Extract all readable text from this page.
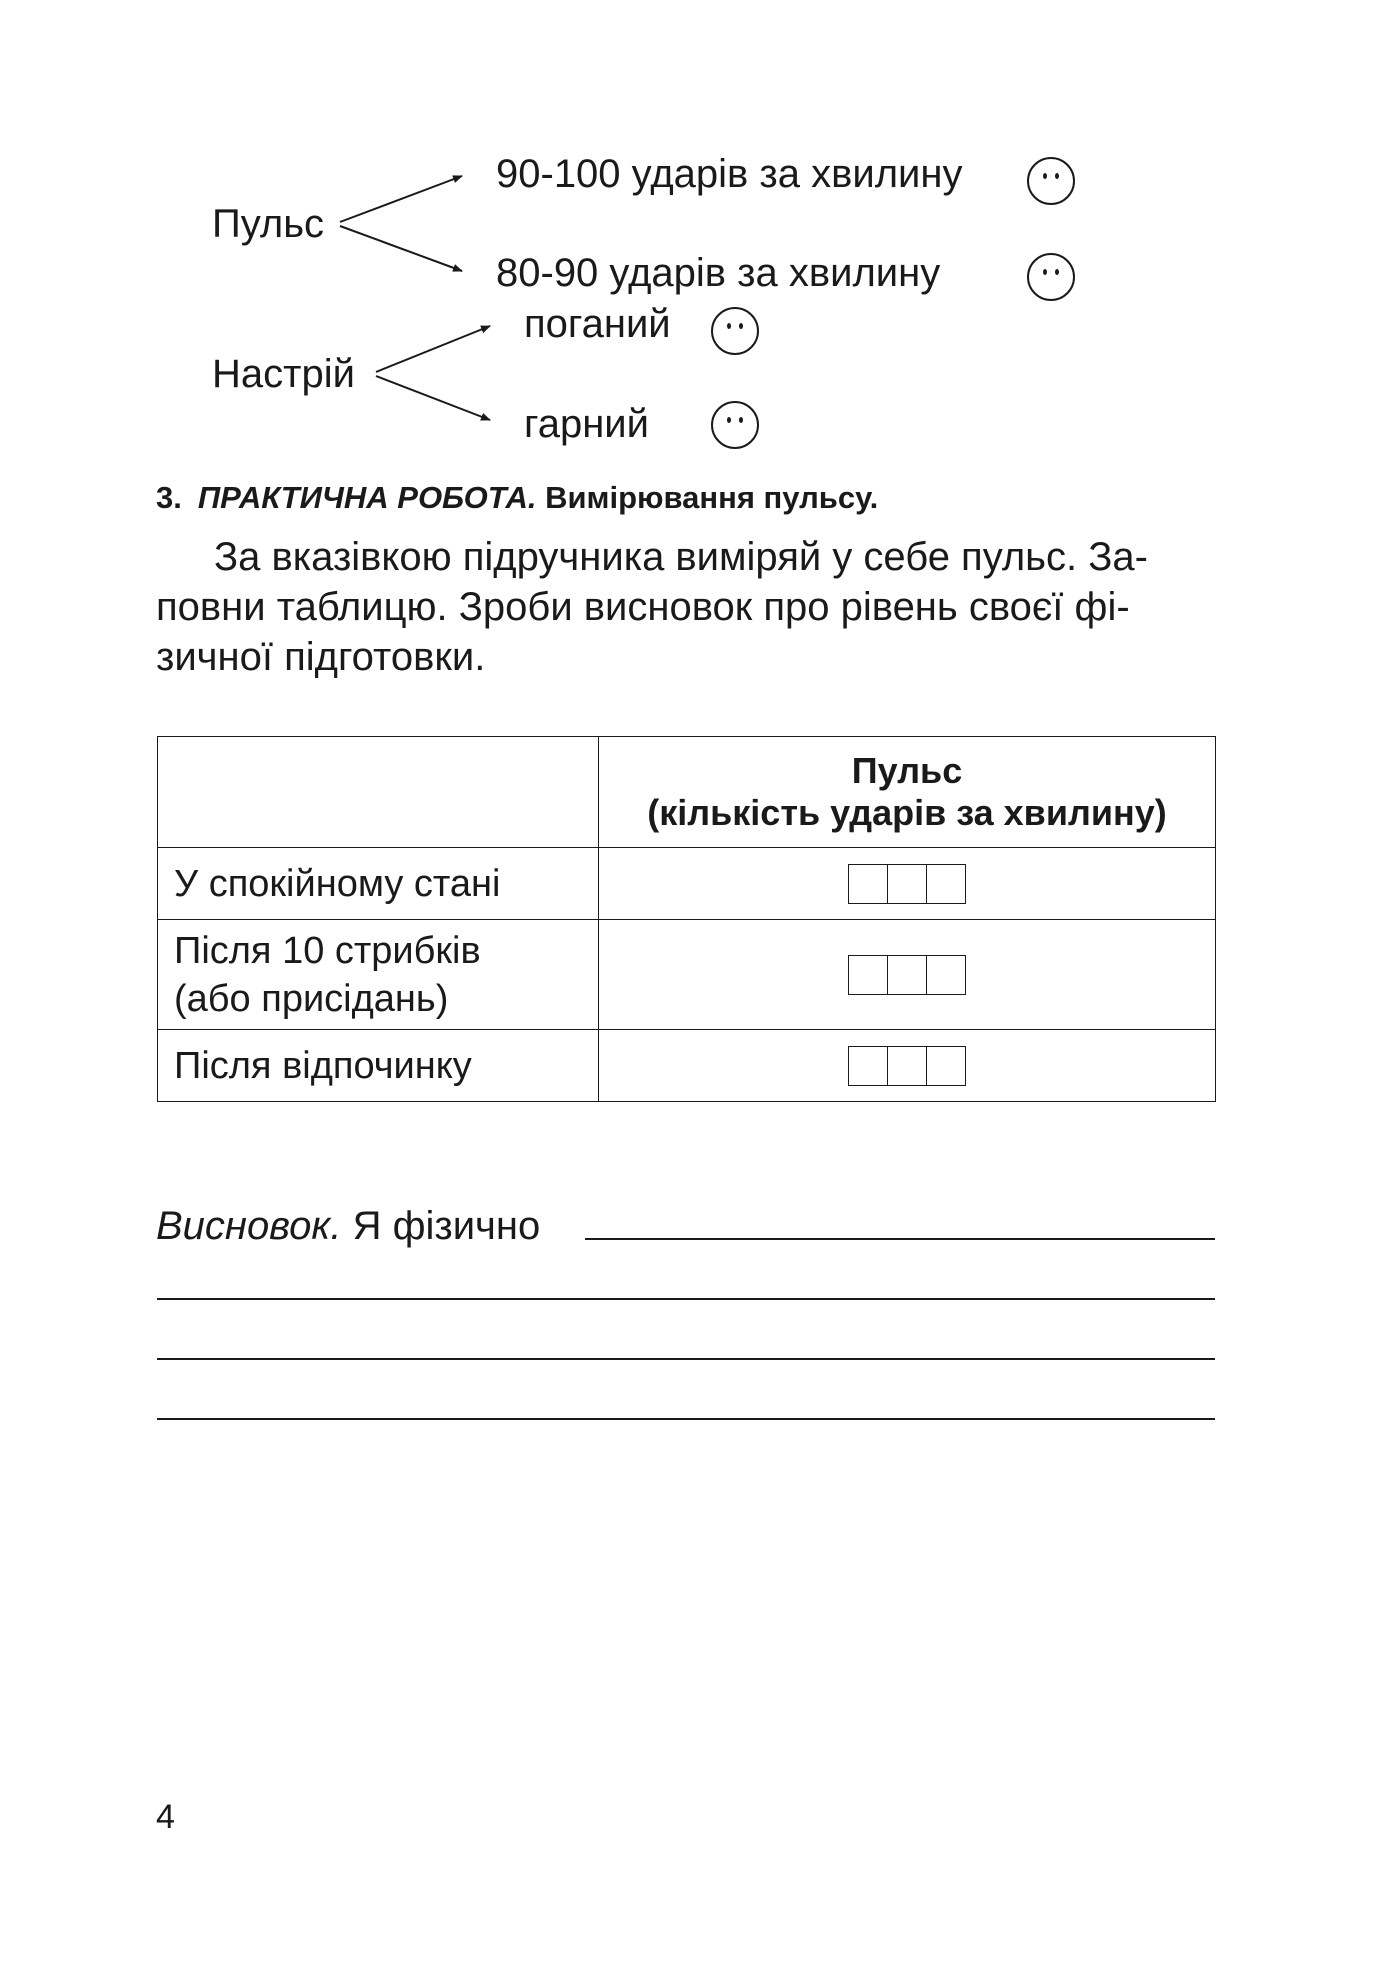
Пульс
90-100 ударів за хвилину
80-90 ударів за хвилину
Настрій
поганий
гарний
3. ПРАКТИЧНА РОБОТА. Вимірювання пульсу.
За вказівкою підручника виміряй у себе пульс. За-
повни таблицю. Зроби висновок про рівень своєї фі-
зичної підготовки.

	Пульс
(кількість ударів за хвилину)

У спокійному стані	

Після 10 стрибків
(або присідань)	

Після відпочинку	
Висновок. Я фізично
4
